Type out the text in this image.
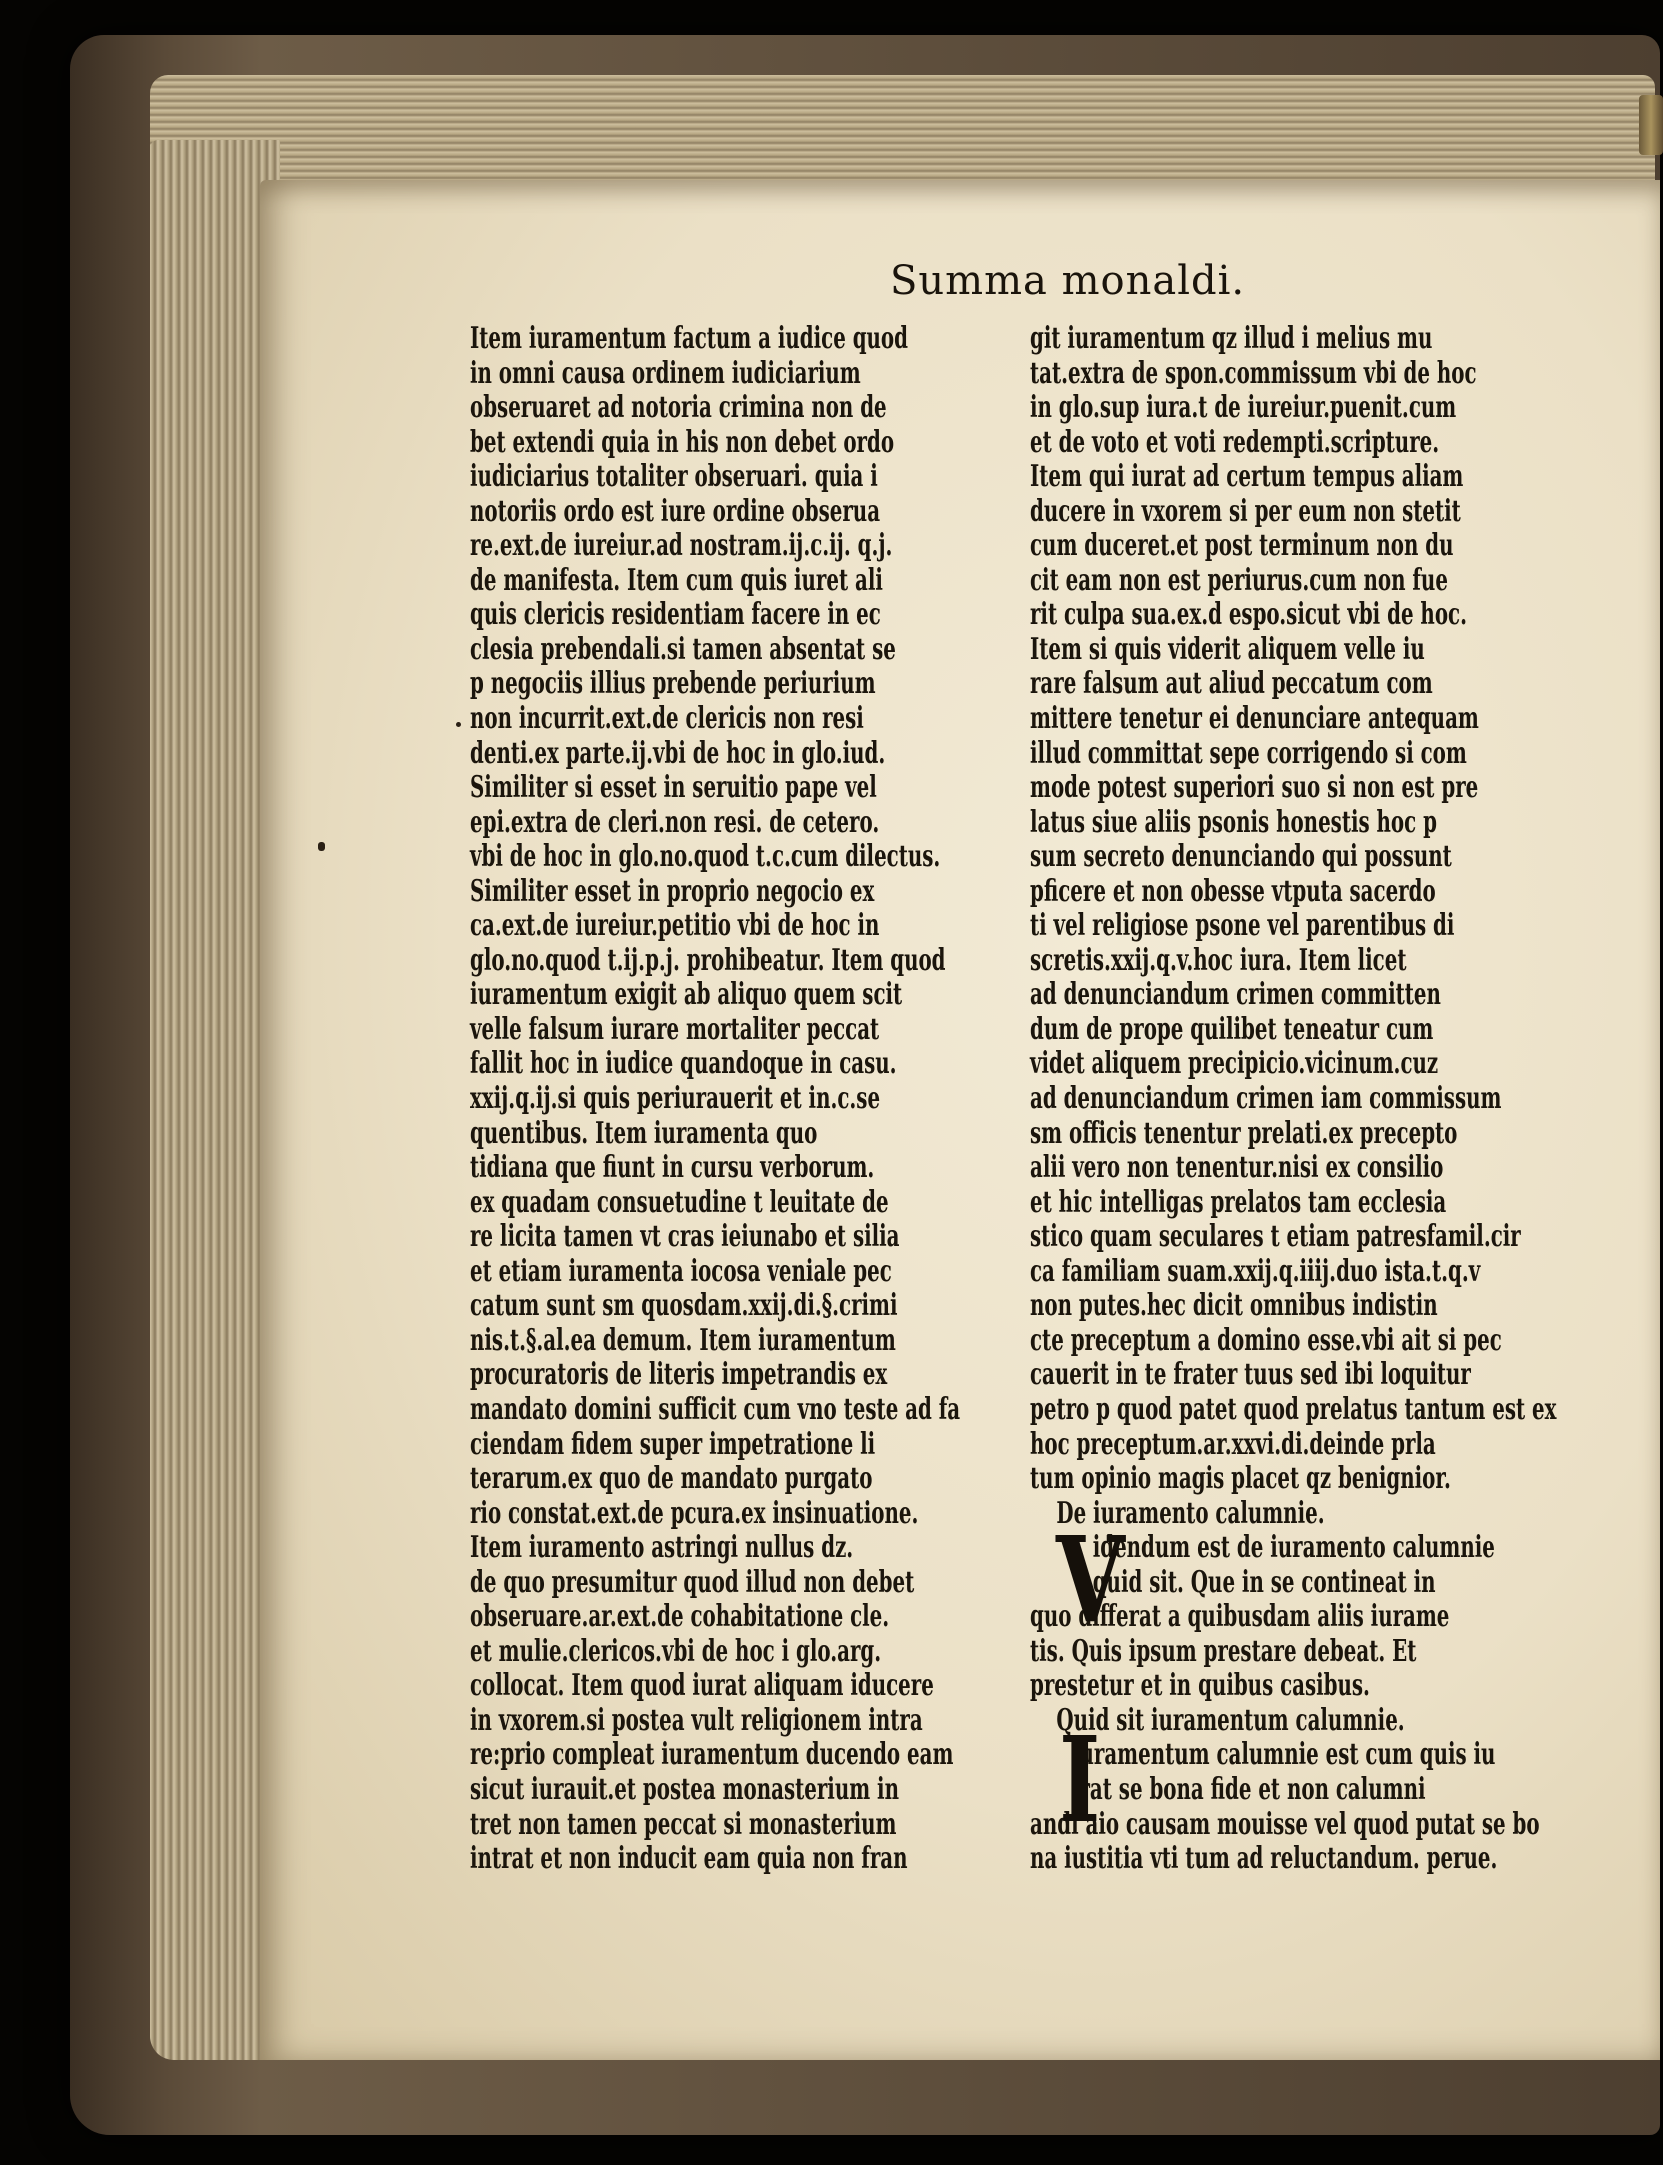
Summa monaldi.
Item iuramentum factum a iudice quod
in omni causa ordinem iudiciarium
obseruaret ad notoria crimina non de
bet extendi quia in his non debet ordo
iudiciarius totaliter obseruari. quia i
notoriis ordo est iure ordine obserua
re.ext.de iureiur.ad nostram.ij.c.ij. q.j.
de manifesta. Item cum quis iuret ali
quis clericis residentiam facere in ec
clesia prebendali.si tamen absentat se
p negociis illius prebende periurium
non incurrit.ext.de clericis non resi
denti.ex parte.ij.vbi de hoc in glo.iud.
Similiter si esset in seruitio pape vel
epi.extra de cleri.non resi. de cetero.
vbi de hoc in glo.no.quod t.c.cum dilectus.
Similiter esset in proprio negocio ex
ca.ext.de iureiur.petitio vbi de hoc in
glo.no.quod t.ij.p.j. prohibeatur. Item quod
iuramentum exigit ab aliquo quem scit
velle falsum iurare mortaliter peccat
fallit hoc in iudice quandoque in casu.
xxij.q.ij.si quis periurauerit et in.c.se
quentibus. Item iuramenta quo
tidiana que fiunt in cursu verborum.
ex quadam consuetudine t leuitate de
re licita tamen vt cras ieiunabo et silia
et etiam iuramenta iocosa veniale pec
catum sunt sm quosdam.xxij.di.§.crimi
nis.t.§.al.ea demum. Item iuramentum
procuratoris de literis impetrandis ex
mandato domini sufficit cum vno teste ad fa
ciendam fidem super impetratione li
terarum.ex quo de mandato purgato
rio constat.ext.de pcura.ex insinuatione.
Item iuramento astringi nullus dz.
de quo presumitur quod illud non debet
obseruare.ar.ext.de cohabitatione cle.
et mulie.clericos.vbi de hoc i glo.arg.
collocat. Item quod iurat aliquam iducere
in vxorem.si postea vult religionem intra
re:prio compleat iuramentum ducendo eam
sicut iurauit.et postea monasterium in
tret non tamen peccat si monasterium
intrat et non inducit eam quia non fran
git iuramentum qz illud i melius mu
tat.extra de spon.commissum vbi de hoc
in glo.sup iura.t de iureiur.puenit.cum
et de voto et voti redempti.scripture.
Item qui iurat ad certum tempus aliam
ducere in vxorem si per eum non stetit
cum duceret.et post terminum non du
cit eam non est periurus.cum non fue
rit culpa sua.ex.d espo.sicut vbi de hoc.
Item si quis viderit aliquem velle iu
rare falsum aut aliud peccatum com
mittere tenetur ei denunciare antequam
illud committat sepe corrigendo si com
mode potest superiori suo si non est pre
latus siue aliis psonis honestis hoc p
sum secreto denunciando qui possunt
pficere et non obesse vtputa sacerdo
ti vel religiose psone vel parentibus di
scretis.xxij.q.v.hoc iura. Item licet
ad denunciandum crimen committen
dum de prope quilibet teneatur cum
videt aliquem precipicio.vicinum.cuz
ad denunciandum crimen iam commissum
sm officis tenentur prelati.ex precepto
alii vero non tenentur.nisi ex consilio
et hic intelligas prelatos tam ecclesia
stico quam seculares t etiam patresfamil.cir
ca familiam suam.xxij.q.iiij.duo ista.t.q.v
non putes.hec dicit omnibus indistin
cte preceptum a domino esse.vbi ait si pec
cauerit in te frater tuus sed ibi loquitur
petro p quod patet quod prelatus tantum est ex
hoc preceptum.ar.xxvi.di.deinde prla
tum opinio magis placet qz benignior.
De iuramento calumnie.
idendum est de iuramento calumnie
quid sit. Que in se contineat in
quo differat a quibusdam aliis iurame
tis. Quis ipsum prestare debeat. Et
prestetur et in quibus casibus.
Quid sit iuramentum calumnie.
uramentum calumnie est cum quis iu
rat se bona fide et non calumni
andi aio causam mouisse vel quod putat se bo
na iustitia vti tum ad reluctandum. perue.
V
I
